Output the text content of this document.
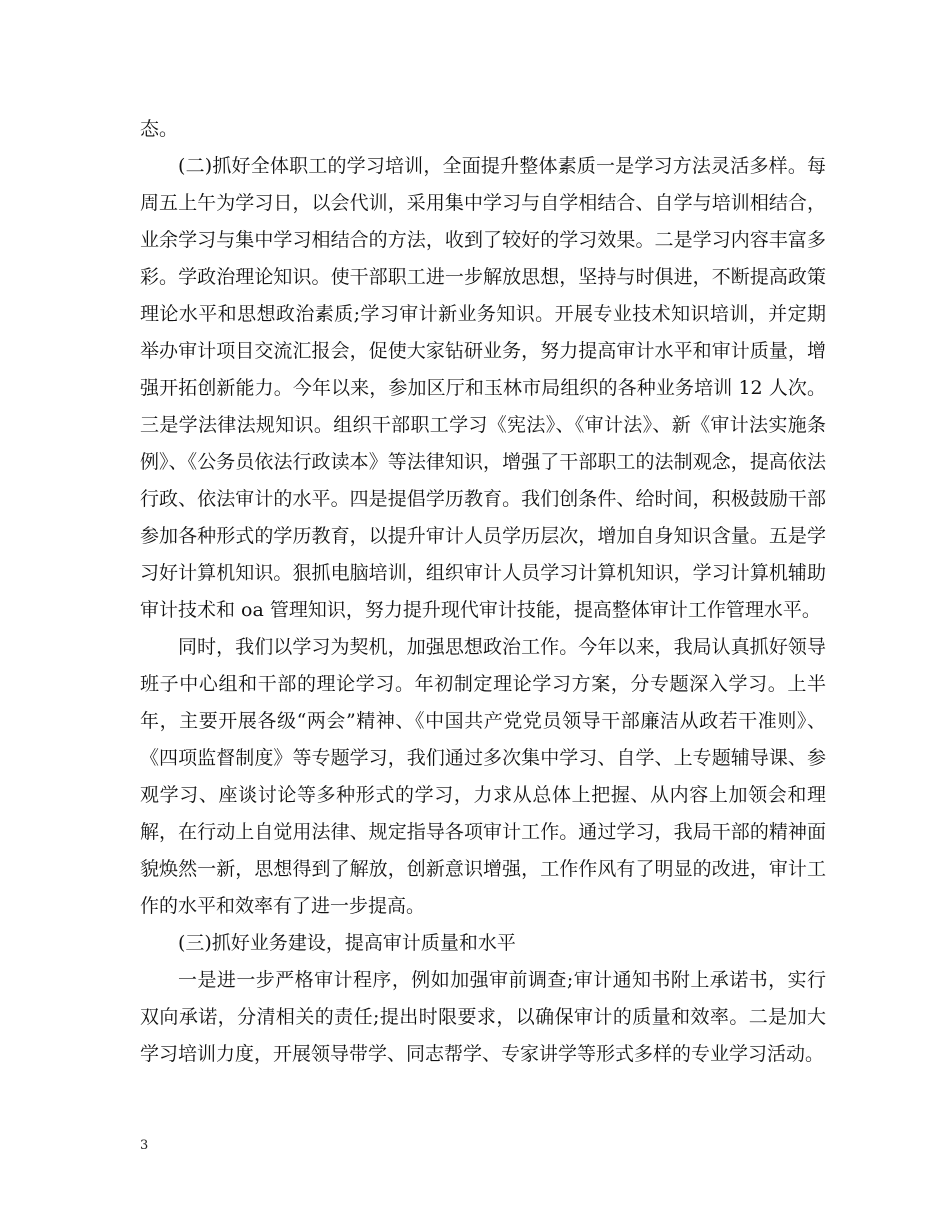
态。

(二)抓好全体职工的学习培训，全面提升整体素质一是学习方法灵活多样。每周五上午为学习日，以会代训，采用集中学习与自学相结合、自学与培训相结合，业余学习与集中学习相结合的方法，收到了较好的学习效果。二是学习内容丰富多彩。学政治理论知识。使干部职工进一步解放思想，坚持与时俱进，不断提高政策理论水平和思想政治素质;学习审计新业务知识。开展专业技术知识培训，并定期举办审计项目交流汇报会，促使大家钻研业务，努力提高审计水平和审计质量，增强开拓创新能力。今年以来，参加区厅和玉林市局组织的各种业务培训 12 人次。三是学法律法规知识。组织干部职工学习《宪法》、《审计法》、新《审计法实施条例》、《公务员依法行政读本》等法律知识，增强了干部职工的法制观念，提高依法行政、依法审计的水平。四是提倡学历教育。我们创条件、给时间，积极鼓励干部参加各种形式的学历教育，以提升审计人员学历层次，增加自身知识含量。五是学习好计算机知识。狠抓电脑培训，组织审计人员学习计算机知识，学习计算机辅助审计技术和 oa 管理知识，努力提升现代审计技能，提高整体审计工作管理水平。

同时，我们以学习为契机，加强思想政治工作。今年以来，我局认真抓好领导班子中心组和干部的理论学习。年初制定理论学习方案，分专题深入学习。上半年，主要开展各级“两会”精神、《中国共产党党员领导干部廉洁从政若干准则》、《四项监督制度》等专题学习，我们通过多次集中学习、自学、上专题辅导课、参观学习、座谈讨论等多种形式的学习，力求从总体上把握、从内容上加领会和理解，在行动上自觉用法律、规定指导各项审计工作。通过学习，我局干部的精神面貌焕然一新，思想得到了解放，创新意识增强，工作作风有了明显的改进，审计工作的水平和效率有了进一步提高。

(三)抓好业务建设，提高审计质量和水平

一是进一步严格审计程序，例如加强审前调查;审计通知书附上承诺书，实行双向承诺，分清相关的责任;提出时限要求，以确保审计的质量和效率。二是加大学习培训力度，开展领导带学、同志帮学、专家讲学等形式多样的专业学习活动。

3
